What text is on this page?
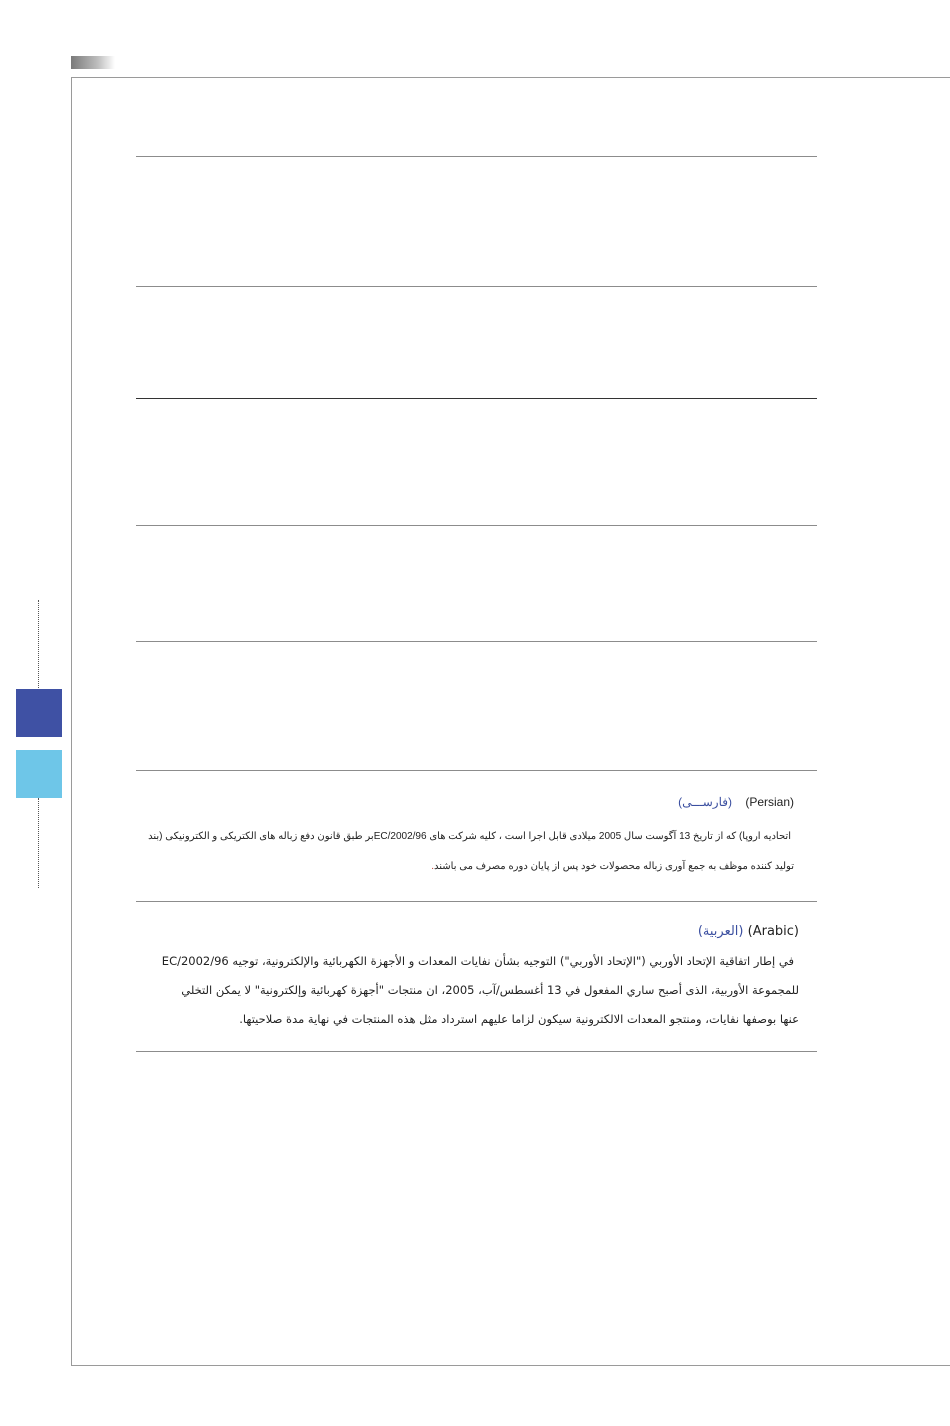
(Persian)    (فارســـی)
اتحادیه اروپا) که از تاریخ 13 آگوست سال 2005 میلادی قابل اجرا است ، کلیه شرکت های 2002/96/ECبر طبق قانون دفع زباله های الکتریکی و الکترونیکی (بند
تولید کننده موظف به جمع آوری زباله محصولات خود پس از پایان دوره مصرف می باشند.
(Arabic) (العربية)
في إطار اتفاقية الإتحاد الأوربي ("الإتحاد الأوربي") التوجيه بشأن نفايات المعدات و الأجهزة الكهربائية والإلكترونية، توجيه 2002/96/EC
للمجموعة الأوربية، الذى أصبح ساري المفعول في 13 أغسطس/آب، 2005، ان منتجات "أجهزة كهربائية وإلكترونية" لا يمكن التخلي
عنها بوصفها نفايات، ومنتجو المعدات الالكترونية سيكون لزاما عليهم استرداد مثل هذه المنتجات في نهاية مدة صلاحيتها.
